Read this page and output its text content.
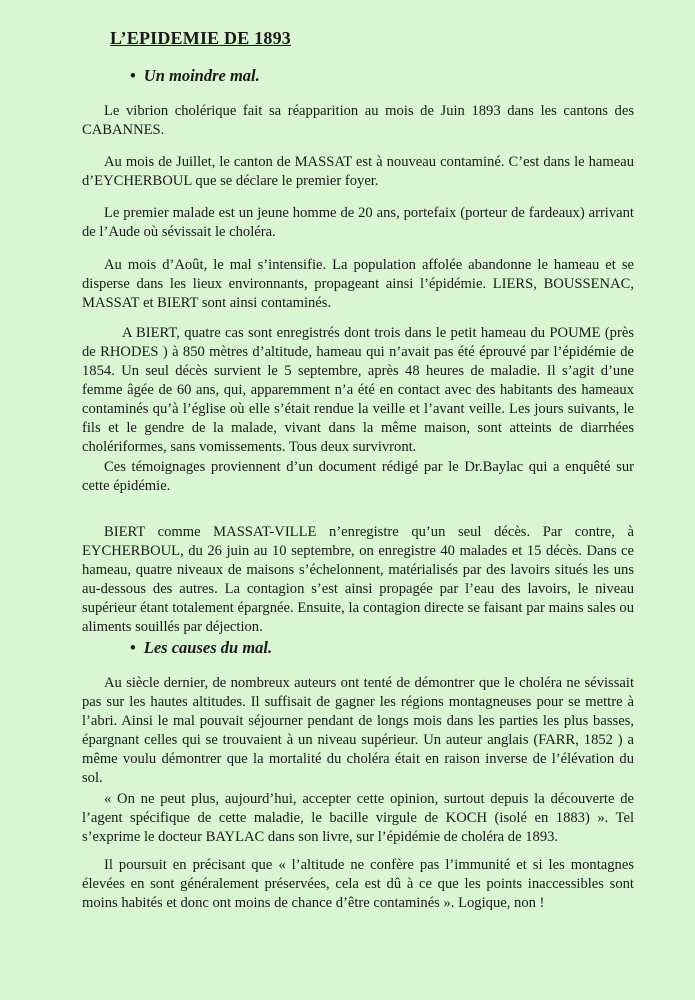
L’EPIDEMIE DE 1893
• Un moindre mal.

Le vibrion cholérique fait sa réapparition au mois de Juin 1893 dans les cantons des CABANNES.

Au mois de Juillet, le canton de MASSAT est à nouveau contaminé. C’est dans le hameau d’EYCHERBOUL que se déclare le premier foyer.

Le premier malade est un jeune homme de 20 ans, portefaix (porteur de fardeaux) arrivant de l’Aude où sévissait le choléra.

Au mois d’Août, le mal s’intensifie. La population affolée abandonne le hameau et se disperse dans les lieux environnants, propageant ainsi l’épidémie. LIERS, BOUSSENAC, MASSAT et BIERT sont ainsi contaminés.

A BIERT, quatre cas sont enregistrés dont trois dans le petit hameau du POUME (près de RHODES ) à 850 mètres d’altitude, hameau qui n’avait pas été éprouvé par l’épidémie de 1854. Un seul décès survient le 5 septembre, après 48 heures de maladie. Il s’agit d’une femme âgée de 60 ans, qui, apparemment n’a été en contact avec des habitants des hameaux contaminés qu’à l’église où elle s’était rendue la veille et l’avant veille. Les jours suivants, le fils et le gendre de la malade, vivant dans la même maison, sont atteints de diarrhées cholériformes, sans vomissements. Tous deux survivront.

Ces témoignages proviennent d’un document rédigé par le Dr.Baylac qui a enquêté sur cette épidémie.

BIERT comme MASSAT-VILLE n’enregistre qu’un seul décès. Par contre, à EYCHERBOUL, du 26 juin au 10 septembre, on enregistre 40 malades et 15 décès. Dans ce hameau, quatre niveaux de maisons s’échelonnent, matérialisés par des lavoirs situés les uns au-dessous des autres. La contagion s’est ainsi propagée par l’eau des lavoirs, le niveau supérieur étant totalement épargnée. Ensuite, la contagion directe se faisant par mains sales ou aliments souillés par déjection.

• Les causes du mal.

Au siècle dernier, de nombreux auteurs ont tenté de démontrer que le choléra ne sévissait pas sur les hautes altitudes. Il suffisait de gagner les régions montagneuses pour se mettre à l’abri. Ainsi le mal pouvait séjourner pendant de longs mois dans les parties les plus basses, épargnant celles qui se trouvaient à un niveau supérieur. Un auteur anglais (FARR, 1852 ) a même voulu démontrer que la mortalité du choléra était en raison inverse de l’élévation du sol.

« On ne peut plus, aujourd’hui, accepter cette opinion, surtout depuis la découverte de l’agent spécifique de cette maladie, le bacille virgule de KOCH (isolé en 1883) ». Tel s’exprime le docteur BAYLAC dans son livre, sur l’épidémie de choléra de 1893.

Il poursuit en précisant que « l’altitude ne confère pas l’immunité et si les montagnes élevées en sont généralement préservées, cela est dû à ce que les points inaccessibles sont moins habités et donc ont moins de chance d’être contaminés ». Logique, non !
